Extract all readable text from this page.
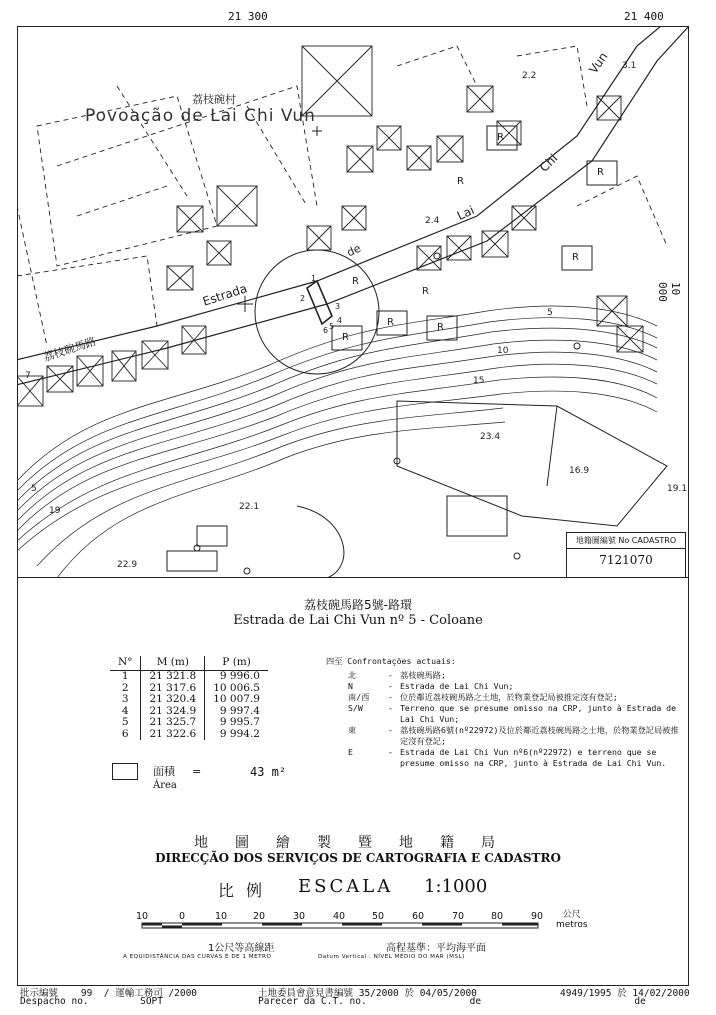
21 300	21 400
10 000
荔枝碗村
Povoação de Lai Chi Vun
Estrada
de
Lai
Chi
Vun
荔枝碗馬路
2.2
3.1
2.4
5
10
15
23.4
16.9
19.1
22.1
22.9
7
5
19
R
R	R
R
R
R
R
R
R
1
2
3
4
5
6
地籍圖編號 No CADASTRO
7121070
荔枝碗馬路5號-路環
Estrada de Lai Chi Vun nº 5 - Coloane
N°	M (m)	P (m)
1	21 321.8	9 996.0
2	21 317.6	10 006.5
3	21 320.4	10 007.9
4	21 324.9	9 997.4
5	21 325.7	9 995.7
6	21 322.6	9 994.2
面積
Área
=	43 m²
四至 Confrontações actuais:
北	- 荔枝碗馬路;
N	- Estrada de Lai Chi Vun;
南/西	- 位於鄰近荔枝碗馬路之土地，於物業登記局被推定沒有登記;
S/W	- Terreno que se presume omisso na CRP, junto à Estrada de Lai Chi Vun;
東	- 荔枝碗馬路6號(nº22972)及位於鄰近荔枝碗馬路之土地，於物業登記局被推定沒有登記;
E	- Estrada de Lai Chi Vun nº6(nº22972) e terreno que se presume omisso na CRP, junto à Estrada de Lai Chi Vun.
地圖繪製暨地籍局
DIRECÇÃO DOS SERVIÇOS DE CARTOGRAFIA E CADASTRO
比例 ESCALA 1:1000
10	0	10	20	30	40	50	60	70	80	90	公尺
metros
1公尺等高線距
A EQUIDISTÂNCIA DAS CURVAS É DE 1 METRO
高程基準：平均海平面
Datum Vertical : NÍVEL MÉDIO DO MAR (MSL)
批示編號    99  / 運輸工務司 /2000
Despacho no.         SOPT
土地委員會意見書編號 35/2000 於 04/05/2000
Parecer da C.T. no.                  de
4949/1995 於 14/02/2000
de
